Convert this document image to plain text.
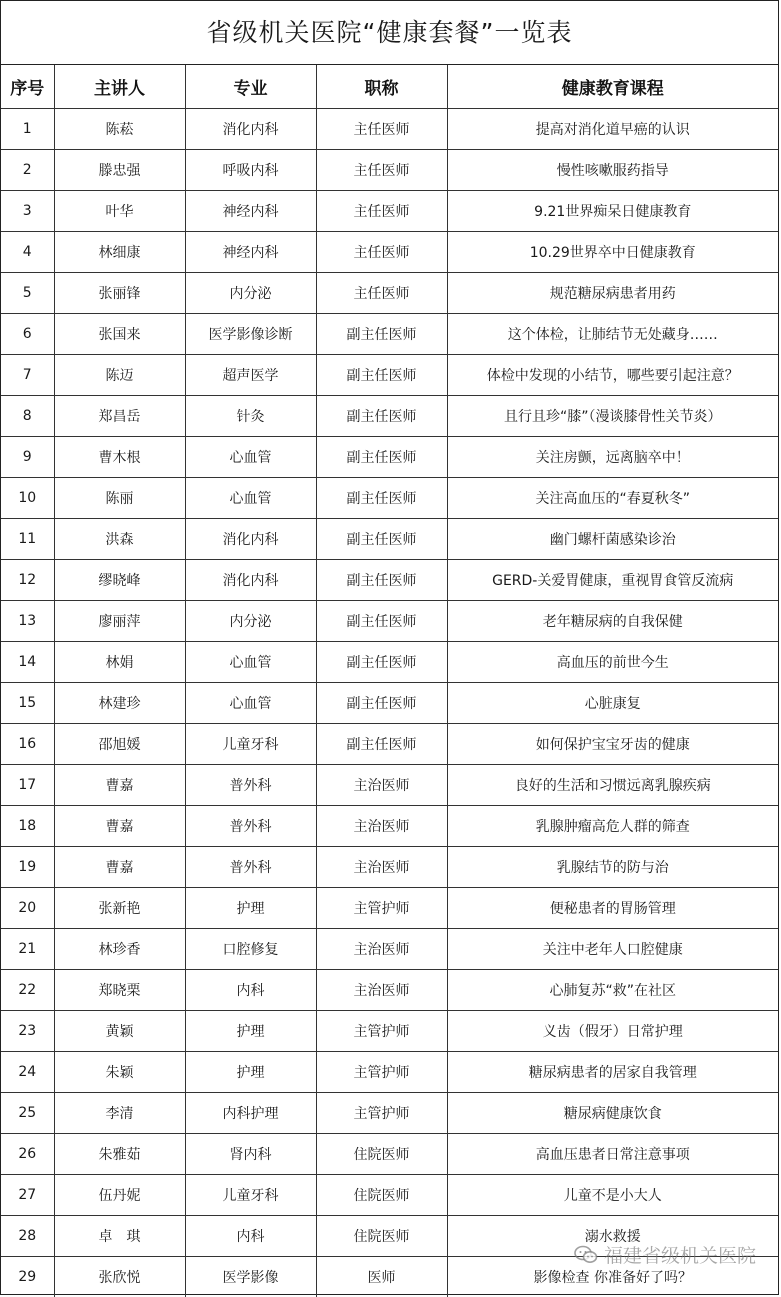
省级机关医院“健康套餐”一览表
序号	主讲人	专业	职称	健康教育课程
1	陈菘	消化内科	主任医师	提高对消化道早癌的认识
2	滕忠强	呼吸内科	主任医师	慢性咳嗽服药指导
3	叶华	神经内科	主任医师	9.21世界痴呆日健康教育
4	林细康	神经内科	主任医师	10.29世界卒中日健康教育
5	张丽锋	内分泌	主任医师	规范糖尿病患者用药
6	张国来	医学影像诊断	副主任医师	这个体检，让肺结节无处藏身……
7	陈迈	超声医学	副主任医师	体检中发现的小结节，哪些要引起注意？
8	郑昌岳	针灸	副主任医师	且行且珍“膝”（漫谈膝骨性关节炎）
9	曹木根	心血管	副主任医师	关注房颤，远离脑卒中！
10	陈丽	心血管	副主任医师	关注高血压的“春夏秋冬”
11	洪森	消化内科	副主任医师	幽门螺杆菌感染诊治
12	缪晓峰	消化内科	副主任医师	GERD-关爱胃健康，重视胃食管反流病
13	廖丽萍	内分泌	副主任医师	老年糖尿病的自我保健
14	林娟	心血管	副主任医师	高血压的前世今生
15	林建珍	心血管	副主任医师	心脏康复
16	邵旭媛	儿童牙科	副主任医师	如何保护宝宝牙齿的健康
17	曹嘉	普外科	主治医师	良好的生活和习惯远离乳腺疾病
18	曹嘉	普外科	主治医师	乳腺肿瘤高危人群的筛查
19	曹嘉	普外科	主治医师	乳腺结节的防与治
20	张新艳	护理	主管护师	便秘患者的胃肠管理
21	林珍香	口腔修复	主治医师	关注中老年人口腔健康
22	郑晓栗	内科	主治医师	心肺复苏“救”在社区
23	黄颖	护理	主管护师	义齿（假牙）日常护理
24	朱颖	护理	主管护师	糖尿病患者的居家自我管理
25	李清	内科护理	主管护师	糖尿病健康饮食
26	朱雅茹	肾内科	住院医师	高血压患者日常注意事项
27	伍丹妮	儿童牙科	住院医师	儿童不是小大人
28	卓　琪	内科	住院医师	溺水救援
29	张欣悦	医学影像	医师	影像检查 你准备好了吗？
福建省级机关医院
